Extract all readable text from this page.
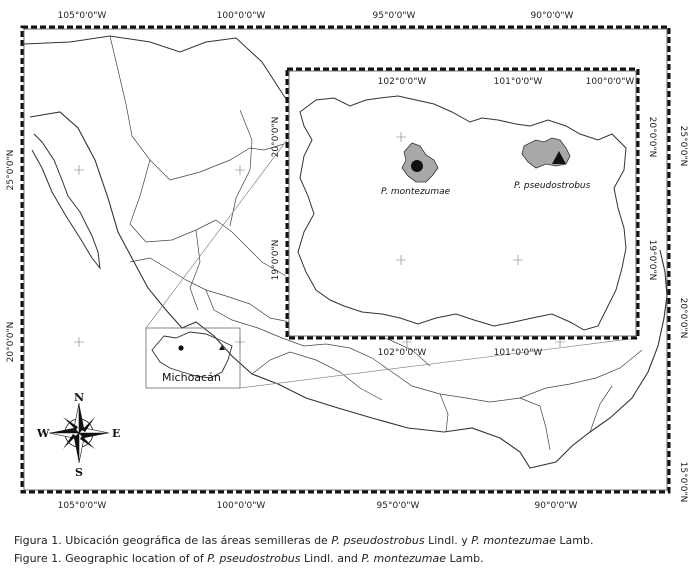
105°0'0"W	100°0'0"W	95°0'0"W	90°0'0"W
105°0'0"W	100°0'0"W	95°0'0"W	90°0'0"W
25°0'0"N
20°0'0"N
25°0'0"N
20°0'0"N
15°0'0"N
Michoacán
P. montezumae
P. pseudostrobus
102°0'0"W	101°0'0"W	100°0'0"W
102°0'0"W	101°0'0"W
20°0'0"N
19°0'0"N
20°0'0"N
19°0'0"N
N
S
E
W
Figura 1. Ubicación geográfica de las áreas semilleras de P. pseudostrobus Lindl. y P. montezumae Lamb.
Figure 1. Geographic location of of P. pseudostrobus Lindl. and P. montezumae Lamb.
